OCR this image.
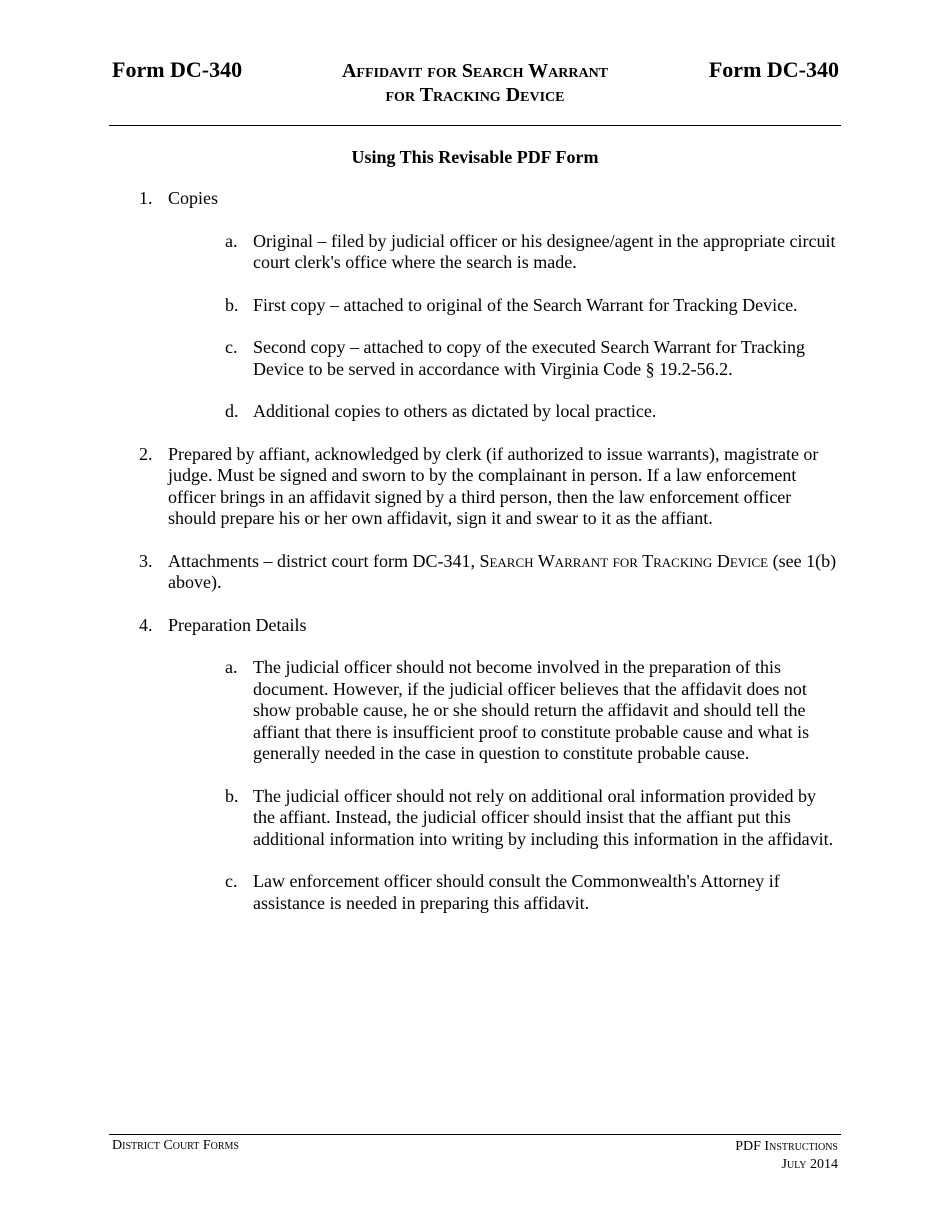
Form DC-340	Affidavit for Search Warrant
for Tracking Device
Form DC-340
Using This Revisable PDF Form
1. Copies
a. Original – filed by judicial officer or his designee/agent in the appropriate circuit court clerk's office where the search is made.
b. First copy – attached to original of the Search Warrant for Tracking Device.
c. Second copy – attached to copy of the executed Search Warrant for Tracking Device to be served in accordance with Virginia Code § 19.2-56.2.
d. Additional copies to others as dictated by local practice.
2. Prepared by affiant, acknowledged by clerk (if authorized to issue warrants), magistrate or judge. Must be signed and sworn to by the complainant in person. If a law enforcement officer brings in an affidavit signed by a third person, then the law enforcement officer should prepare his or her own affidavit, sign it and swear to it as the affiant.
3. Attachments – district court form DC-341, Search Warrant for Tracking Device (see 1(b) above).
4. Preparation Details
a. The judicial officer should not become involved in the preparation of this document. However, if the judicial officer believes that the affidavit does not show probable cause, he or she should return the affidavit and should tell the affiant that there is insufficient proof to constitute probable cause and what is generally needed in the case in question to constitute probable cause.
b. The judicial officer should not rely on additional oral information provided by the affiant. Instead, the judicial officer should insist that the affiant put this additional information into writing by including this information in the affidavit.
c. Law enforcement officer should consult the Commonwealth's Attorney if assistance is needed in preparing this affidavit.
District Court Forms	PDF Instructions
July 2014
